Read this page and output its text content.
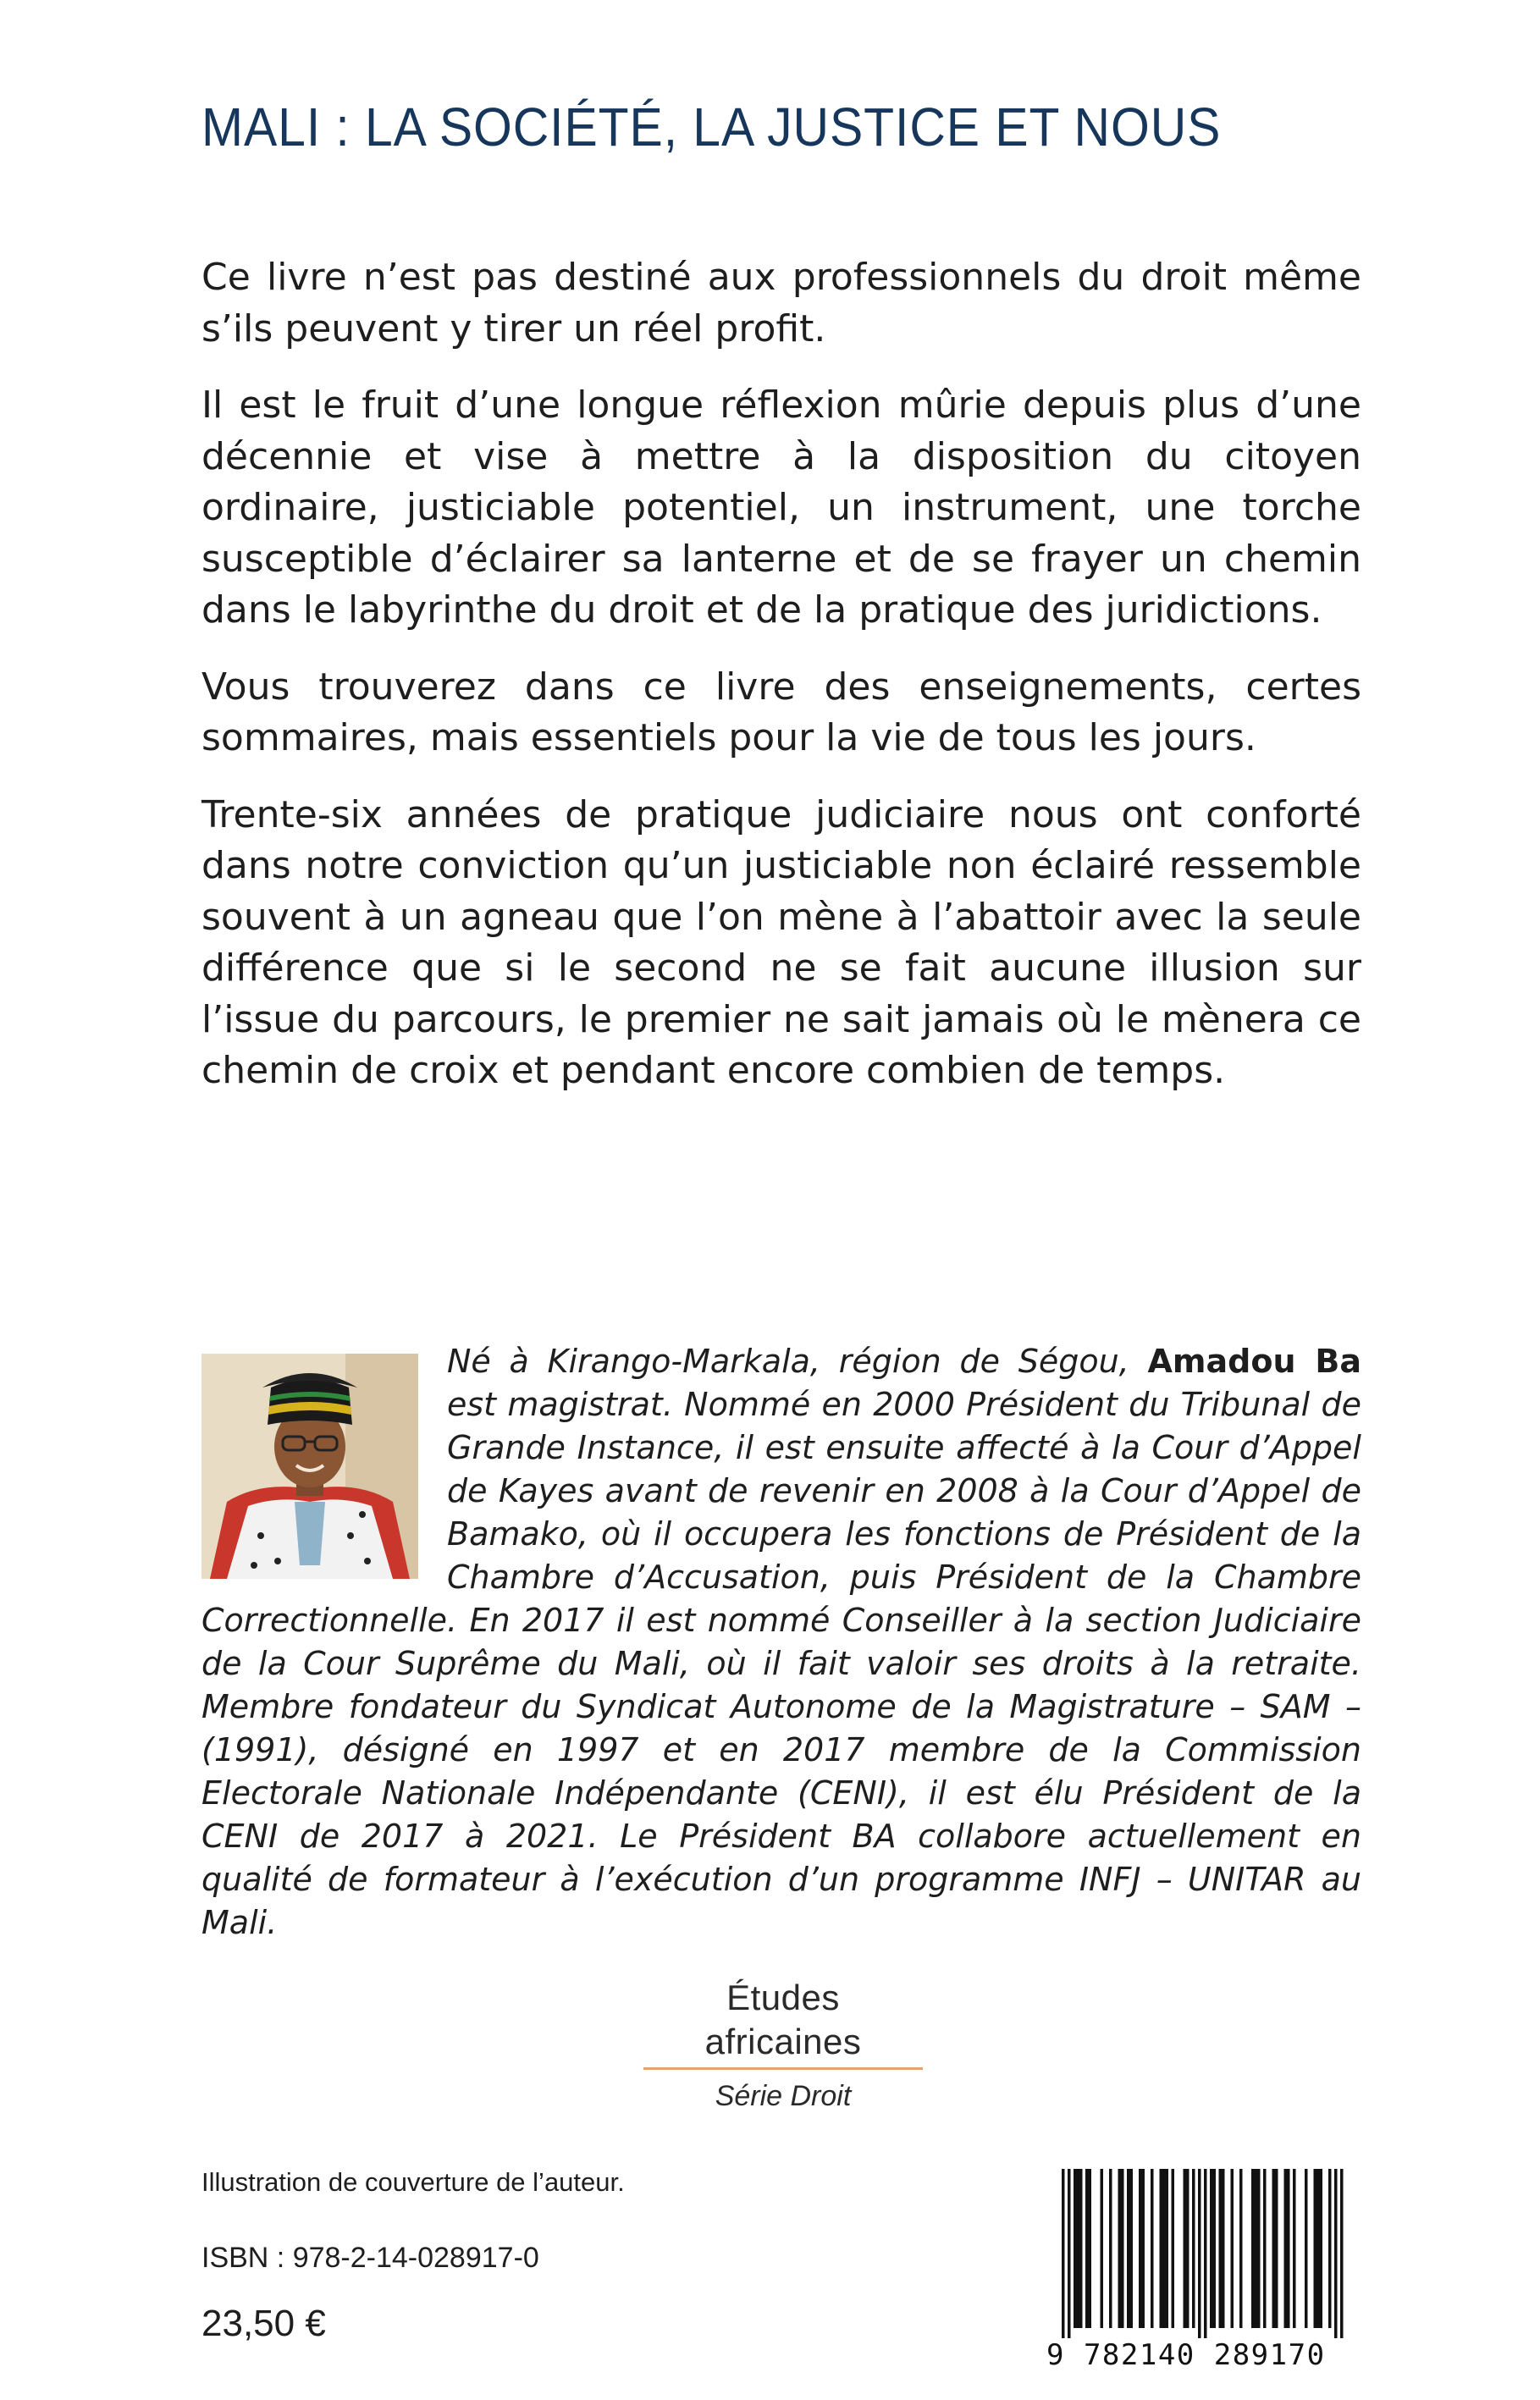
MALI : LA SOCIÉTÉ, LA JUSTICE ET NOUS

Ce livre n’est pas destiné aux professionnels du droit même s’ils peuvent y tirer un réel profit.

Il est le fruit d’une longue réflexion mûrie depuis plus d’une décennie et vise à mettre à la disposition du citoyen ordinaire, justiciable potentiel, un instrument, une torche susceptible d’éclairer sa lanterne et de se frayer un chemin dans le labyrinthe du droit et de la pratique des juridictions.

Vous trouverez dans ce livre des enseignements, certes sommaires, mais essentiels pour la vie de tous les jours.

Trente-six années de pratique judiciaire nous ont conforté dans notre conviction qu’un justiciable non éclairé ressemble souvent à un agneau que l’on mène à l’abattoir avec la seule différence que si le second ne se fait aucune illusion sur l’issue du parcours, le premier ne sait jamais où le mènera ce chemin de croix et pendant encore combien de temps.

Né à Kirango-Markala, région de Ségou, Amadou Ba est magistrat. Nommé en 2000 Président du Tribunal de Grande Instance, il est ensuite affecté à la Cour d’Appel de Kayes avant de revenir en 2008 à la Cour d’Appel de Bamako, où il occupera les fonctions de Président de la Chambre d’Accusation, puis Président de la Chambre Correctionnelle. En 2017 il est nommé Conseiller à la section Judiciaire de la Cour Suprême du Mali, où il fait valoir ses droits à la retraite. Membre fondateur du Syndicat Autonome de la Magistrature – SAM – (1991), désigné en 1997 et en 2017 membre de la Commission Electorale Nationale Indépendante (CENI), il est élu Président de la CENI de 2017 à 2021. Le Président BA collabore actuellement en qualité de formateur à l’exécution d’un programme INFJ – UNITAR au Mali.

Études africaines
Série Droit
Illustration de couverture de l’auteur.
ISBN : 978-2-14-028917-0
23,50 €
9 782140 289170
